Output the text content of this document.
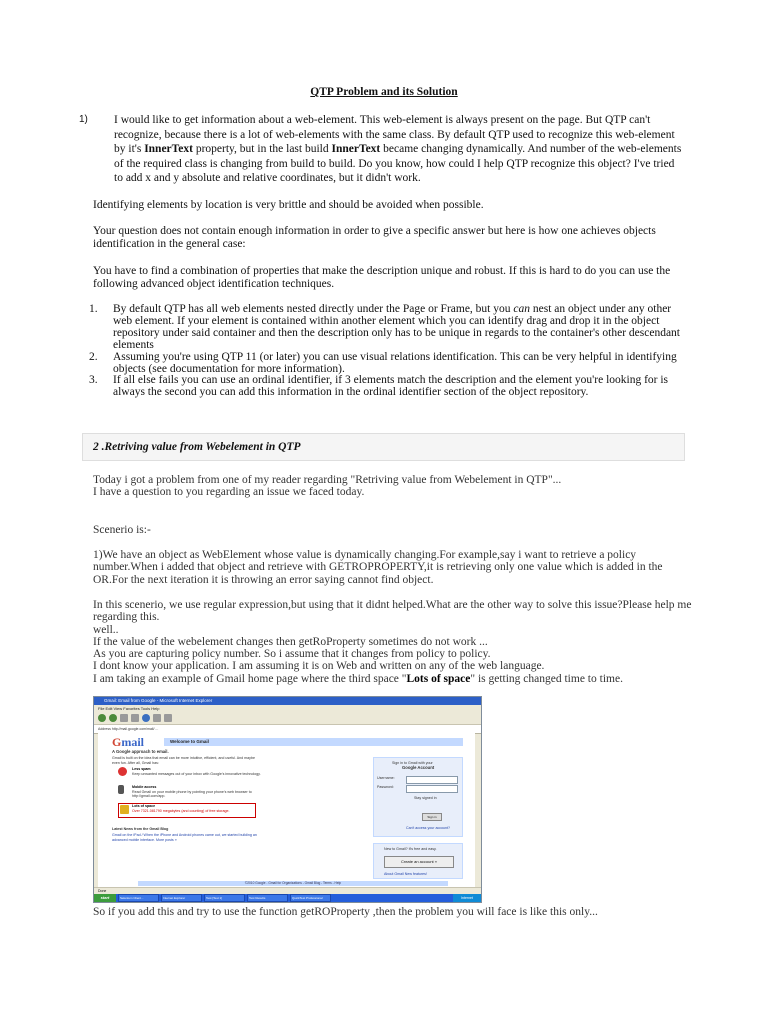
QTP Problem and its Solution
1) I would like to get information about a web-element. This web-element is always present on the page. But QTP can't recognize, because there is a lot of web-elements with the same class. By default QTP used to recognize this web-element by it's InnerText property, but in the last build InnerText became changing dynamically. And number of the web-elements of the required class is changing from build to build. Do you know, how could I help QTP recognize this object? I've tried to add x and y absolute and relative coordinates, but it didn't work.
Identifying elements by location is very brittle and should be avoided when possible.
Your question does not contain enough information in order to give a specific answer but here is how one achieves objects identification in the general case:
You have to find a combination of properties that make the description unique and robust. If this is hard to do you can use the following advanced object identification techniques.
1. By default QTP has all web elements nested directly under the Page or Frame, but you can nest an object under any other web element. If your element is contained within another element which you can identify drag and drop it in the object repository under said container and then the description only has to be unique in regards to the container's other descendant elements
2. Assuming you're using QTP 11 (or later) you can use visual relations identification. This can be very helpful in identifying objects (see documentation for more information).
3. If all else fails you can use an ordinal identifier, if 3 elements match the description and the element you're looking for is always the second you can add this information in the ordinal identifier section of the object repository.
2 .Retriving value from Webelement in QTP
Today i got a problem from one of my reader regarding "Retriving value from Webelement in QTP"...
I have a question to you regarding an issue we faced today.
Scenerio is:-
1)We have an object as WebElement whose value is dynamically changing.For example,say i want to retrieve a policy number.When i added that object and retrieve with GETROPROPERTY,it is retrieving only one value which is added in the OR.For the next iteration it is throwing an error saying cannot find object.
In this scenerio, we use regular expression,but using that it didnt helped.What are the other way to solve this issue?Please help me regarding this.
well..
If the value of the webelement changes then getRoProperty sometimes do not work ...
As you are capturing policy number. So i assume that it changes from policy to policy.
I dont know your application. I am assuming it is on Web and written on any of the web language.
I am taking an example of Gmail home page where the third space "Lots of space" is getting changed time to time.
Gmail: Email from Google - Microsoft Internet Explorer
File Edit View Favorites Tools Help
Address http://mail.google.com/mail/ ...
Gmail	Welcome to Gmail
A Google approach to email.
Gmail is built on the idea that email can be more intuitive, efficient, and useful. And maybe even fun. After all, Gmail has:
Less spam
Keep unwanted messages out of your inbox with Google's innovative technology.
Mobile access
Read Gmail on your mobile phone by pointing your phone's web browser to http://gmail.com/app.
Lots of space
Over 7321.081790 megabytes (and counting) of free storage.
Latest News from the Gmail Blog
Gmail on the iPad / When the iPhone and Android phones came out, we started building an advanced mobile interface. More posts »
Sign in to Gmail with your
Google Account
Username:
Password:
Stay signed in
Sign in
Can't access your account?
New to Gmail? It's free and easy.
Create an account »
About Gmail New features!
©2010 Google - Gmail for Organizations - Gmail Blog - Terms - Help
Done
start	Selenium Client...	Internet Explorer	Test [Test 1]	Test Results	QuickTest Professional	Internet
So if you add this and try to use the function getROProperty ,then the problem you will face is like this only...
